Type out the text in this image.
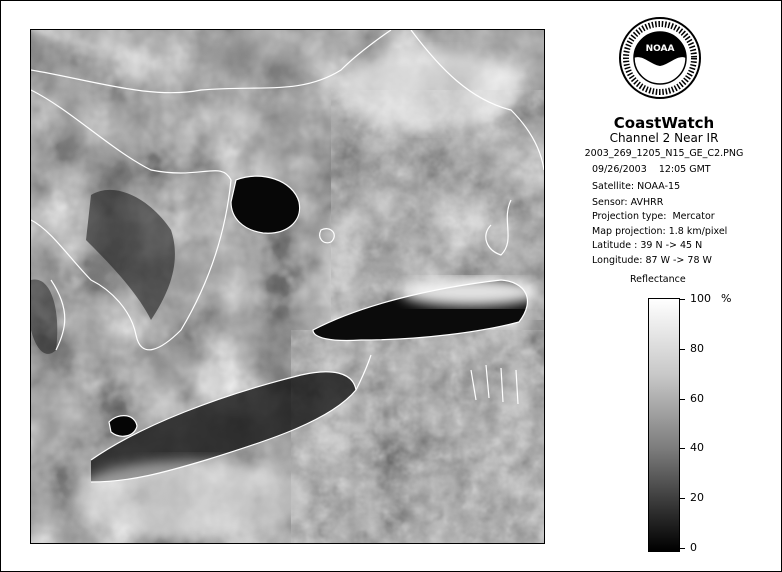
NOAA
CoastWatch
Channel 2 Near IR
2003_269_1205_N15_GE_C2.PNG
09/26/2003    12:05 GMT
Satellite: NOAA-15
Sensor: AVHRR
Projection type:  Mercator
Map projection: 1.8 km/pixel
Latitude : 39 N -> 45 N
Longitude: 87 W -> 78 W
Reflectance
%
100
80
60
40
20
0
